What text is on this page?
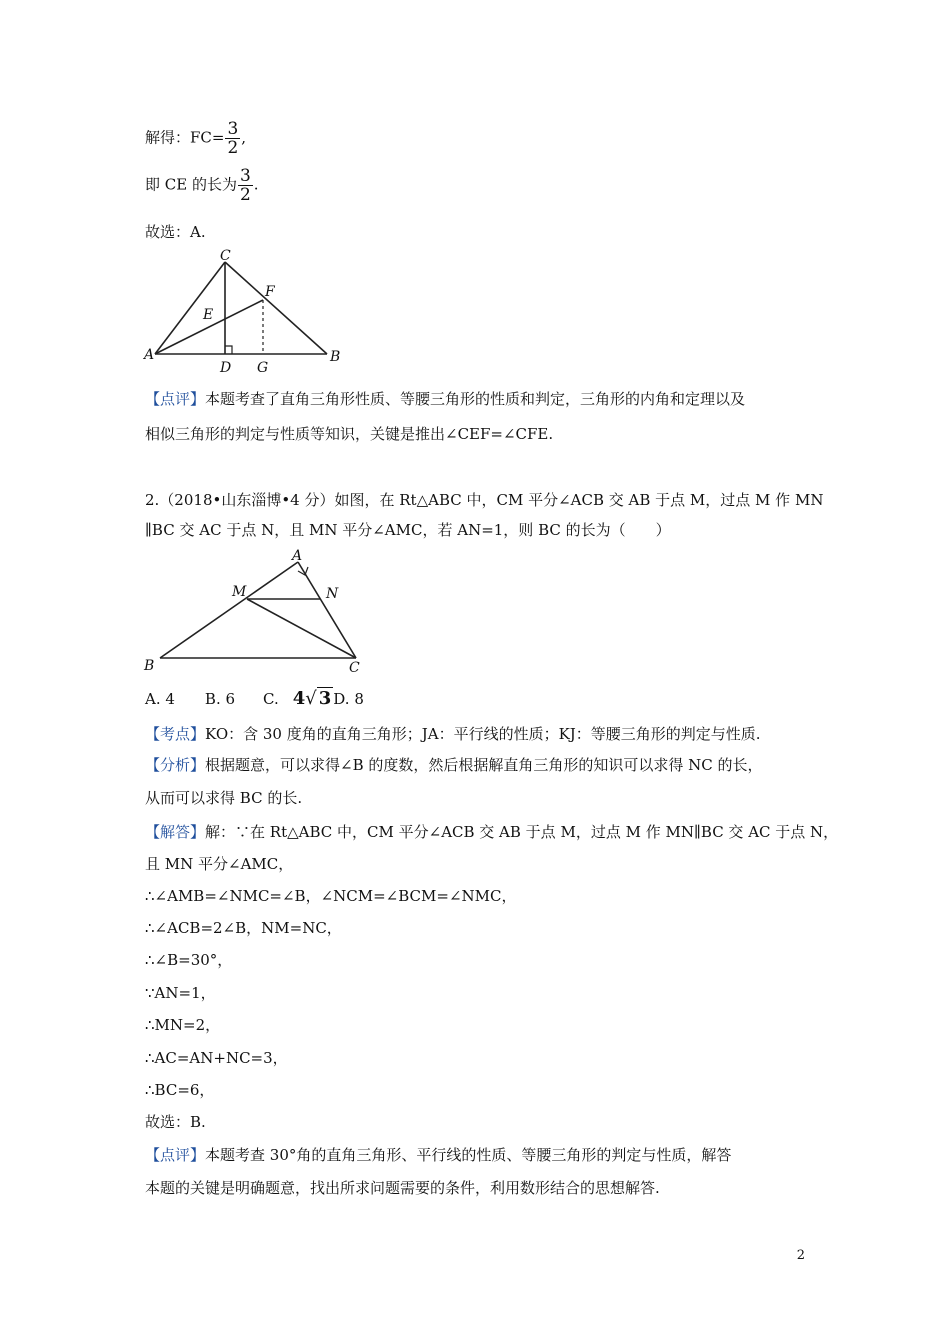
解得：$FC= \frac{3}{2}$ ,
即 CE 的长为 $\frac{3}{2}$ .
故选：A.
C
F
E
A	B
D G
【点评】本题考查了直角三角形性质、等腰三角形的性质和判定，三角形的内角和定理以及
相似三角形的判定与性质等知识，关键是推出∠CEF=∠CFE.
2.（2018•山东淄博•4 分）如图，在 Rt△ABC 中，CM 平分∠ACB 交 AB 于点 M，过点 M 作 MN
∥BC 交 AC 于点 N，且 MN 平分∠AMC，若 AN=1，则 BC 的长为（　　）
A
M	N
B	C
A. 4 B. 6 C. 4√ 3 D. 8
【考点】KO：含 30 度角的直角三角形；JA：平行线的性质；KJ：等腰三角形的判定与性质.
【分析】根据题意，可以求得∠B 的度数，然后根据解直角三角形的知识可以求得 NC 的长，
从而可以求得 BC 的长.
【解答】解：∵在 Rt△ABC 中，CM 平分∠ACB 交 AB 于点 M，过点 M 作 MN∥BC 交 AC 于点 N，
且 MN 平分∠AMC，
∴∠AMB=∠NMC=∠B，∠NCM=∠BCM=∠NMC，
∴∠ACB=2∠B，NM=NC，
∴∠B=30°，
∵AN=1，
∴MN=2，
∴AC=AN+NC=3，
∴BC=6，
故选：B.
【点评】本题考查 30°角的直角三角形、平行线的性质、等腰三角形的判定与性质，解答
本题的关键是明确题意，找出所求问题需要的条件，利用数形结合的思想解答.
2
